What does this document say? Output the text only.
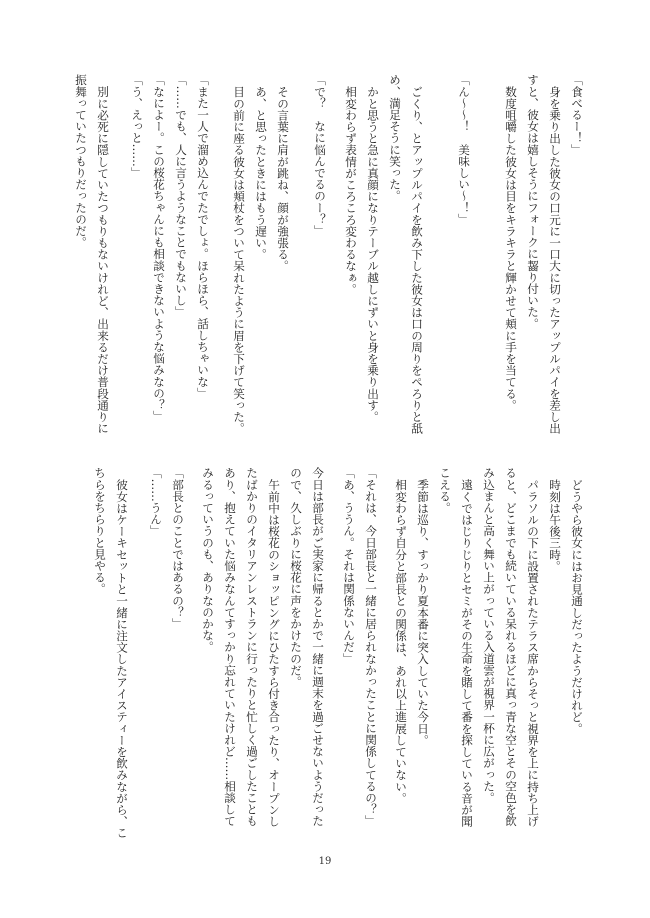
「食べるー！」
身を乗り出した彼女の口元に一口大に切ったアップルパイを差し出
すと、彼女は嬉しそうにフォークに齧り付いた。
数度咀嚼した彼女は目をキラキラと輝かせて頬に手を当てる。
「ん～～！　美味しい～！」
ごくり、とアップルパイを飲み下した彼女は口の周りをぺろりと舐
め、満足そうに笑った。
かと思うと急に真顔になりテーブル越しにずいと身を乗り出す。
相変わらず表情がころころ変わるなぁ。
「で？　なに悩んでるのー？」
その言葉に肩が跳ね、顔が強張る。
あ、と思ったときにはもう遅い。
目の前に座る彼女は頬杖をついて呆れたように眉を下げて笑った。
「また一人で溜め込んでたでしょ。ほらほら、話しちゃいな」
「……でも、人に言うようなことでもないし」
「なによー。この桜花ちゃんにも相談できないような悩みなの？」
「う、えっと……」
別に必死に隠していたつもりもないけれど、出来るだけ普段通りに
振舞っていたつもりだったのだ。
どうやら彼女にはお見通しだったようだけれど。
時刻は午後三時。
パラソルの下に設置されたテラス席からそっと視界を上に持ち上げ
ると、どこまでも続いている呆れるほどに真っ青な空とその空色を飲
み込まんと高く舞い上がっている入道雲が視界一杯に広がった。
遠くではじりじりとセミがその生命を賭して番を探している音が聞
こえる。
季節は巡り、すっかり夏本番に突入していた今日。
相変わらず自分と部長との関係は、あれ以上進展していない。
「それは、今日部長と一緒に居られなかったことに関係してるの？」
「あ、ううん。それは関係ないんだ」
今日は部長がご実家に帰るとかで一緒に週末を過ごせないようだった
ので、久しぶりに桜花に声をかけたのだ。
午前中は桜花のショッピングにひたすら付き合ったり、オープンし
たばかりのイタリアンレストランに行ったりと忙しく過ごしたことも
あり、抱えていた悩みなんてすっかり忘れていたけれど……相談して
みるっていうのも、ありなのかな。
「部長とのことではあるの？」
「……うん」
彼女はケーキセットと一緒に注文したアイスティーを飲みながら、こ
ちらをちらりと見やる。
19
